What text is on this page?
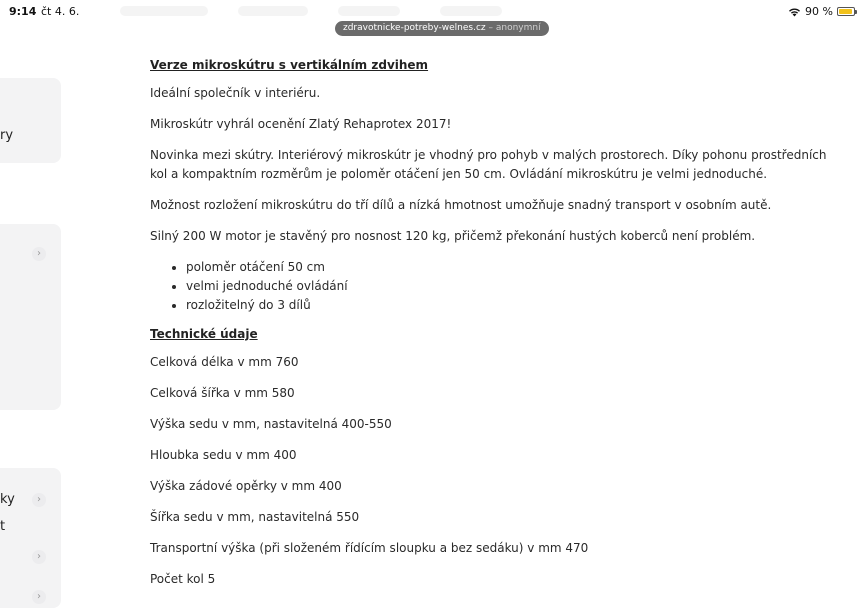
9:14 čt 4. 6.	90 %
zdravotnicke-potreby-welnes.cz – anonymní
ry
›
ky	›
t
›
›

Verze mikroskútru s vertikálním zdvihem

Ideální společník v interiéru.

Mikroskútr vyhrál ocenění Zlatý Rehaprotex 2017!

Novinka mezi skútry. Interiérový mikroskútr je vhodný pro pohyb v malých prostorech. Díky pohonu prostředních kol a kompaktním rozměrům je poloměr otáčení jen 50 cm. Ovládání mikroskútru je velmi jednoduché.

Možnost rozložení mikroskútru do tří dílů a nízká hmotnost umožňuje snadný transport v osobním autě.

Silný 200 W motor je stavěný pro nosnost 120 kg, přičemž překonání hustých koberců není problém.

• poloměr otáčení 50 cm
• velmi jednoduché ovládání
• rozložitelný do 3 dílů

Technické údaje

Celková délka v mm 760

Celková šířka v mm 580

Výška sedu v mm, nastavitelná 400-550

Hloubka sedu v mm 400

Výška zádové opěrky v mm 400

Šířka sedu v mm, nastavitelná 550

Transportní výška (při složeném řídícím sloupku a bez sedáku) v mm 470

Počet kol 5
